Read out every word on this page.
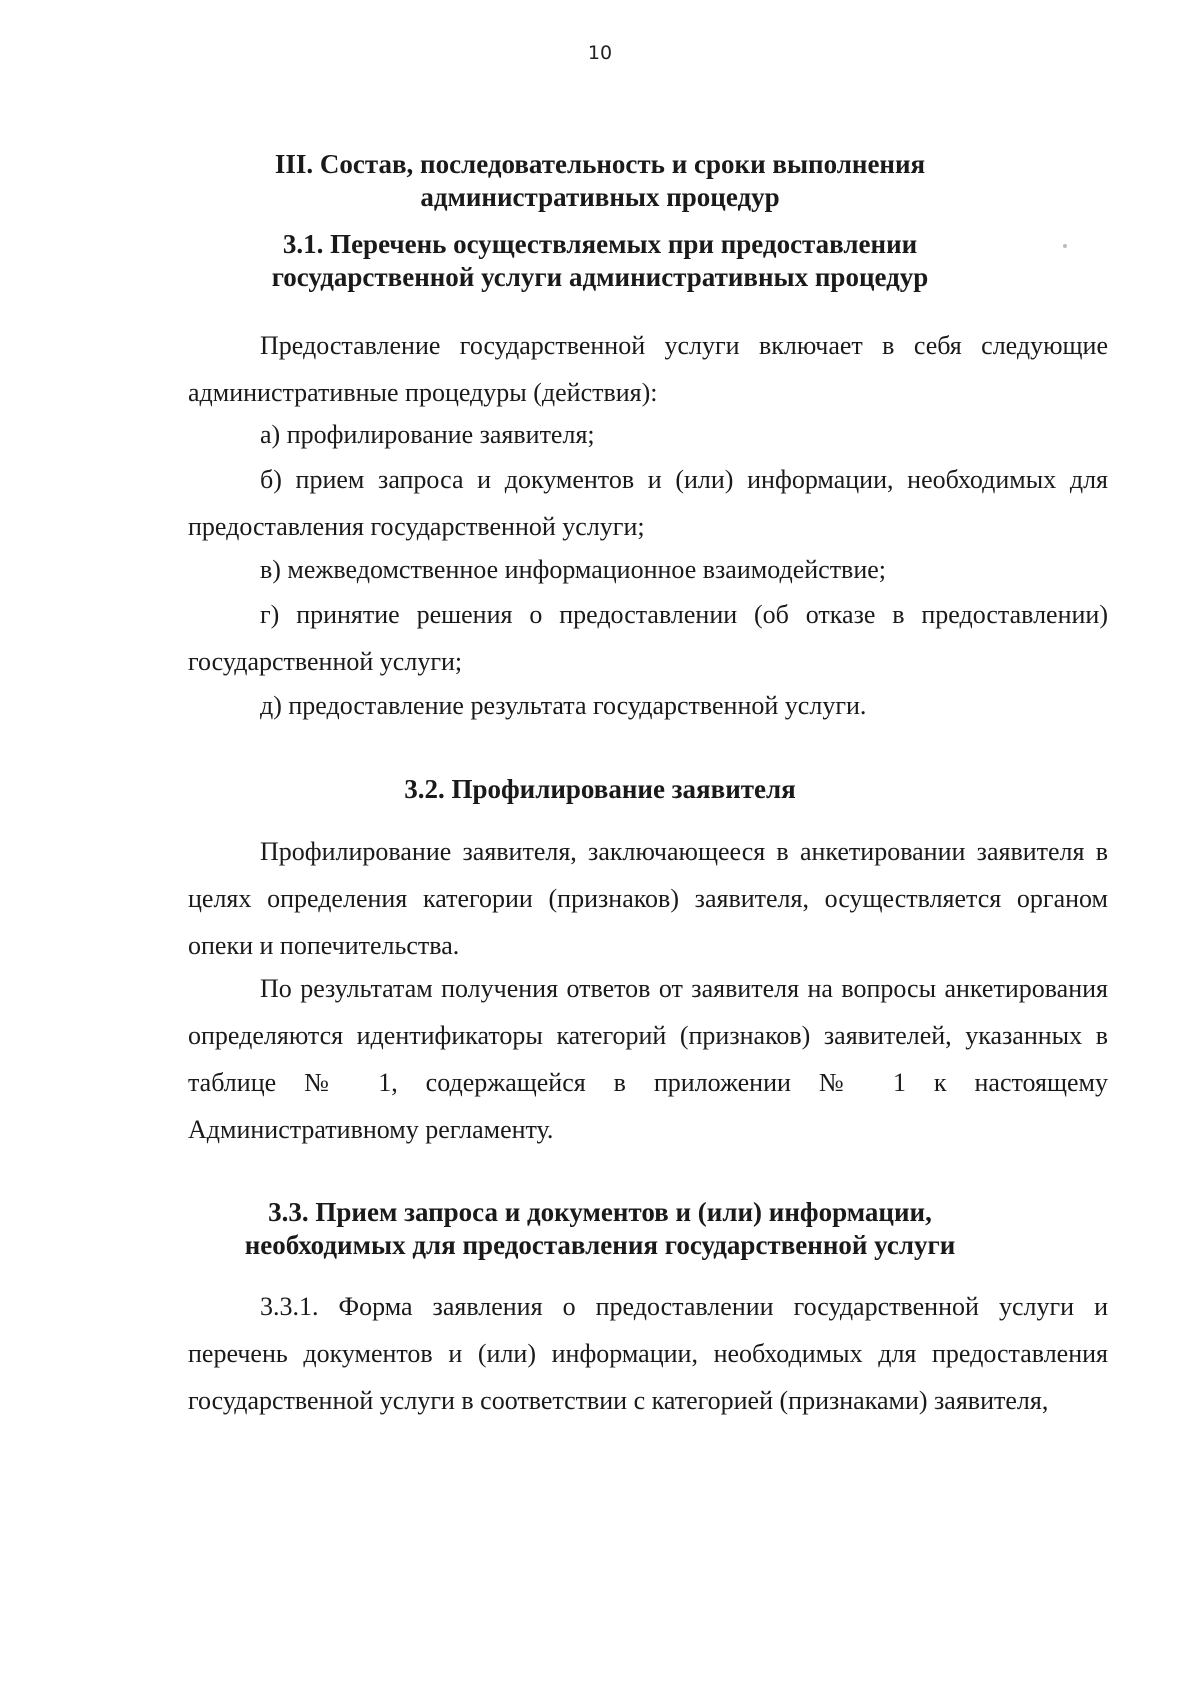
10
III. Состав, последовательность и сроки выполнения
административных процедур
3.1. Перечень осуществляемых при предоставлении
государственной услуги административных процедур
Предоставление государственной услуги включает в себя следующие административные процедуры (действия):
а) профилирование заявителя;
б) прием запроса и документов и (или) информации, необходимых для предоставления государственной услуги;
в) межведомственное информационное взаимодействие;
г) принятие решения о предоставлении (об отказе в предоставлении) государственной услуги;
д) предоставление результата государственной услуги.
3.2. Профилирование заявителя
Профилирование заявителя, заключающееся в анкетировании заявителя в целях определения категории (признаков) заявителя, осуществляется органом опеки и попечительства.
По результатам получения ответов от заявителя на вопросы анкетирования определяются идентификаторы категорий (признаков) заявителей, указанных в таблице № 1, содержащейся в приложении № 1 к настоящему Административному регламенту.
3.3. Прием запроса и документов и (или) информации,
необходимых для предоставления государственной услуги
3.3.1. Форма заявления о предоставлении государственной услуги и перечень документов и (или) информации, необходимых для предоставления государственной услуги в соответствии с категорией (признаками) заявителя,
